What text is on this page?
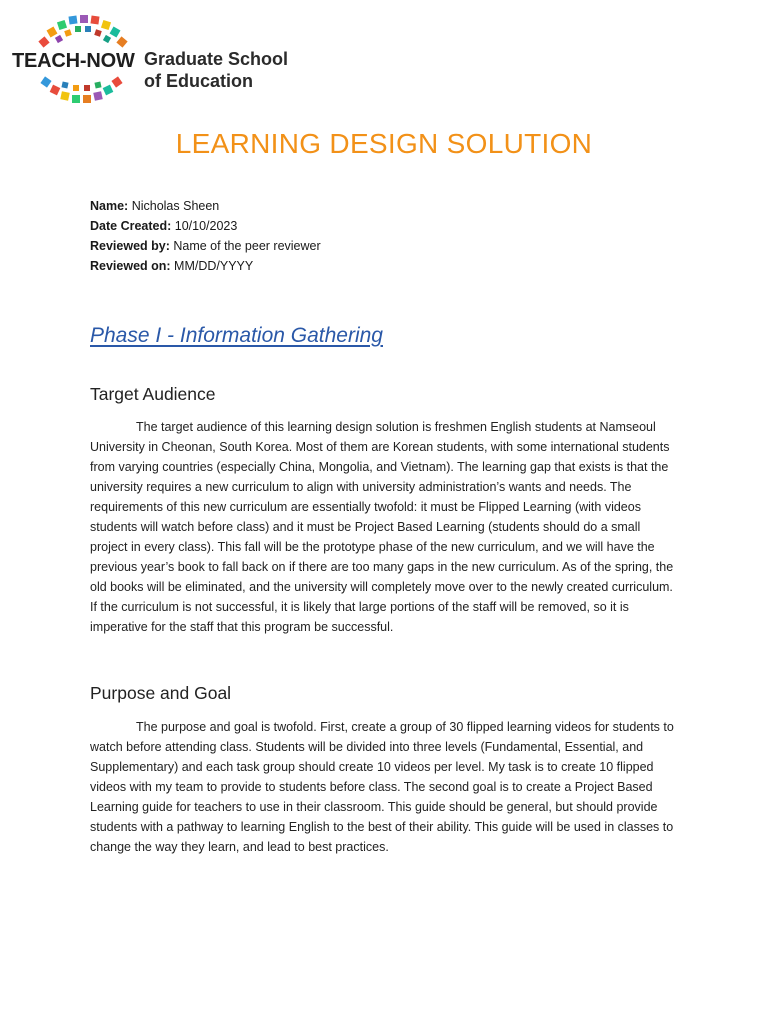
TEACH-NOW Graduate School
of Education
LEARNING DESIGN SOLUTION
Name: Nicholas Sheen
Date Created: 10/10/2023
Reviewed by: Name of the peer reviewer
Reviewed on: MM/DD/YYYY
Phase I - Information Gathering
Target Audience
The target audience of this learning design solution is freshmen English students at Namseoul University in Cheonan, South Korea. Most of them are Korean students, with some international students from varying countries (especially China, Mongolia, and Vietnam). The learning gap that exists is that the university requires a new curriculum to align with university administration’s wants and needs. The requirements of this new curriculum are essentially twofold: it must be Flipped Learning (with videos students will watch before class) and it must be Project Based Learning (students should do a small project in every class). This fall will be the prototype phase of the new curriculum, and we will have the previous year’s book to fall back on if there are too many gaps in the new curriculum. As of the spring, the old books will be eliminated, and the university will completely move over to the newly created curriculum. If the curriculum is not successful, it is likely that large portions of the staff will be removed, so it is imperative for the staff that this program be successful.
Purpose and Goal
The purpose and goal is twofold. First, create a group of 30 flipped learning videos for students to watch before attending class. Students will be divided into three levels (Fundamental, Essential, and Supplementary) and each task group should create 10 videos per level. My task is to create 10 flipped videos with my team to provide to students before class. The second goal is to create a Project Based Learning guide for teachers to use in their classroom. This guide should be general, but should provide students with a pathway to learning English to the best of their ability. This guide will be used in classes to change the way they learn, and lead to best practices.
